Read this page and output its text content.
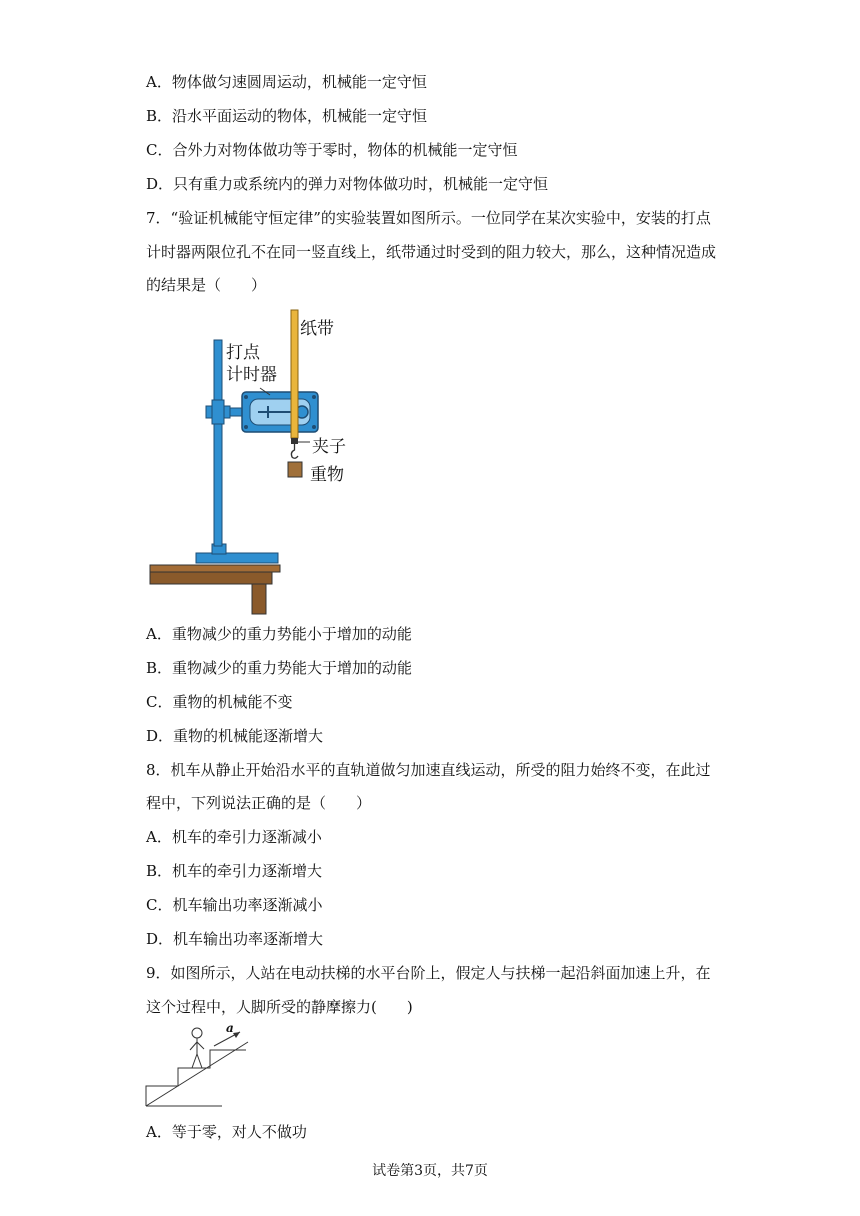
A．物体做匀速圆周运动，机械能一定守恒
B．沿水平面运动的物体，机械能一定守恒
C．合外力对物体做功等于零时，物体的机械能一定守恒
D．只有重力或系统内的弹力对物体做功时，机械能一定守恒
7．“验证机械能守恒定律”的实验装置如图所示。一位同学在某次实验中，安装的打点
计时器两限位孔不在同一竖直线上，纸带通过时受到的阻力较大，那么，这种情况造成
的结果是（　　）
纸带
打点
计时器
夹子
重物
A．重物减少的重力势能小于增加的动能
B．重物减少的重力势能大于增加的动能
C．重物的机械能不变
D．重物的机械能逐渐增大
8．机车从静止开始沿水平的直轨道做匀加速直线运动，所受的阻力始终不变，在此过
程中，下列说法正确的是（　　）
A．机车的牵引力逐渐减小
B．机车的牵引力逐渐增大
C．机车输出功率逐渐减小
D．机车输出功率逐渐增大
9．如图所示，人站在电动扶梯的水平台阶上，假定人与扶梯一起沿斜面加速上升，在
这个过程中，人脚所受的静摩擦力(　　)
a
A．等于零，对人不做功
试卷第3页，共7页
